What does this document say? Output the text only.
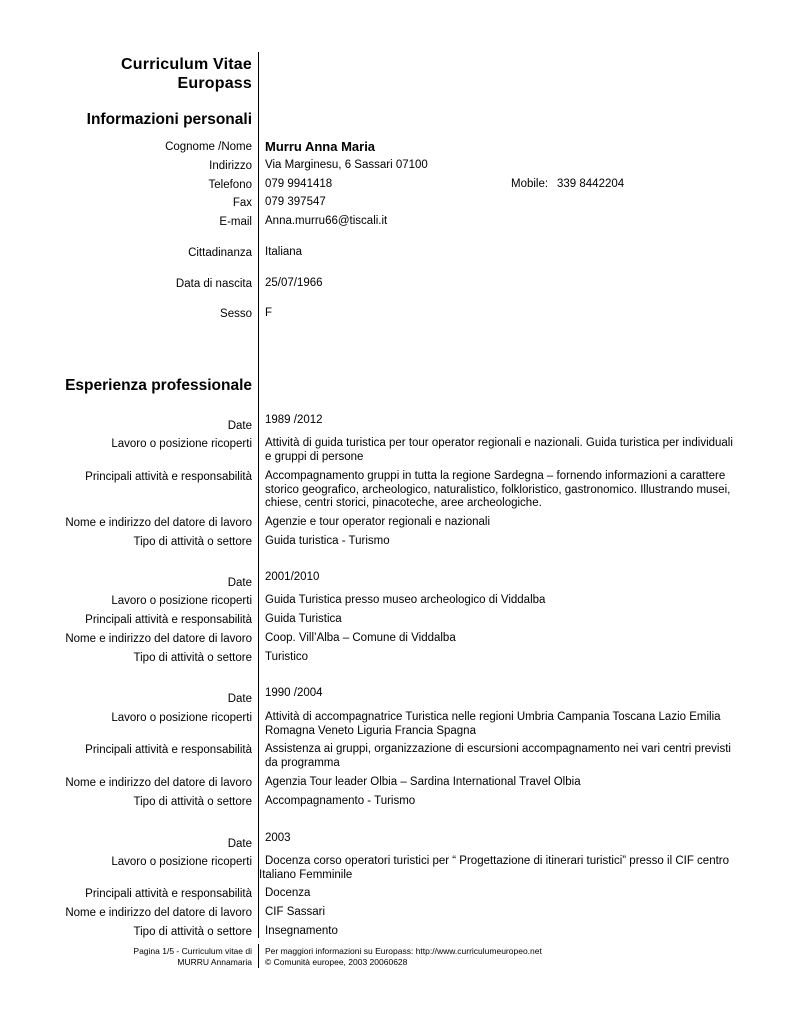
Curriculum Vitae
Europass
Informazioni personali
Cognome /Nome Murru Anna Maria
Indirizzo Via Marginesu, 6 Sassari 07100
Telefono 079 9941418	Mobile: 339 8442204
Fax 079 397547
E-mail Anna.murru66@tiscali.it
Cittadinanza Italiana
Data di nascita 25/07/1966
Sesso F
Esperienza professionale
Date 1989 /2012
Lavoro o posizione ricoperti Attività di guida turistica per tour operator regionali e nazionali. Guida turistica per individuali e gruppi di persone
Principali attività e responsabilità Accompagnamento gruppi in tutta la regione Sardegna – fornendo informazioni a carattere storico geografico, archeologico, naturalistico, folkloristico, gastronomico. Illustrando musei, chiese, centri storici, pinacoteche, aree archeologiche.
Nome e indirizzo del datore di lavoro Agenzie e tour operator regionali e nazionali
Tipo di attività o settore Guida turistica - Turismo
Date 2001/2010
Lavoro o posizione ricoperti Guida Turistica presso museo archeologico di Viddalba
Principali attività e responsabilità Guida Turistica
Nome e indirizzo del datore di lavoro Coop. Vill’Alba – Comune di Viddalba
Tipo di attività o settore Turistico
Date 1990 /2004
Lavoro o posizione ricoperti Attività di accompagnatrice Turistica nelle regioni Umbria Campania Toscana Lazio Emilia Romagna Veneto Liguria Francia Spagna
Principali attività e responsabilità Assistenza ai gruppi, organizzazione di escursioni accompagnamento nei vari centri previsti da programma
Nome e indirizzo del datore di lavoro Agenzia Tour leader Olbia – Sardina International Travel Olbia
Tipo di attività o settore Accompagnamento - Turismo
Date 2003
Lavoro o posizione ricoperti	Docenza corso operatori turistici per “ Progettazione di itinerari turistici” presso il CIF centro Italiano Femminile
Principali attività e responsabilità Docenza
Nome e indirizzo del datore di lavoro CIF Sassari
Tipo di attività o settore Insegnamento
Pagina 1/5 - Curriculum vitae di
MURRU Annamaria
Per maggiori informazioni su Europass: http://www.curriculumeuropeo.net
© Comunità europee, 2003 20060628
